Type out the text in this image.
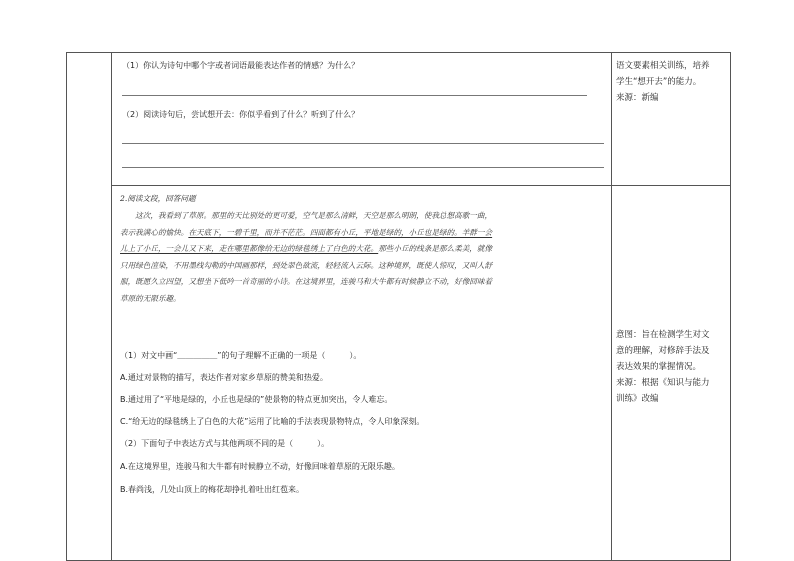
（1）你认为诗句中哪个字或者词语最能表达作者的情感？为什么？
（2）阅读诗句后，尝试想开去：你似乎看到了什么？听到了什么？
语文要素相关训练，培养
学生“想开去”的能力。
来源：新编
2.阅读文段，回答问题

　　这次，我看到了草原。那里的天比别处的更可爱，空气是那么清鲜，天空是那么明朗，使我总想高歌一曲，

表示我满心的愉快。在天底下，一碧千里，而并不茫茫。四面都有小丘，平地是绿的，小丘也是绿的。羊群一会

儿上了小丘，一会儿又下来，走在哪里都像给无边的绿毯绣上了白色的大花。那些小丘的线条是那么柔美，就像

只用绿色渲染，不用墨线勾勒的中国画那样，到处翠色欲流，轻轻流入云际。这种境界，既使人惊叹，又叫人舒

服，既愿久立四望，又想坐下低吟一首奇丽的小诗。在这境界里，连骏马和大牛都有时候静立不动，好像回味着

草原的无限乐趣。

（1）对文中画“＿＿＿＿＿”的句子理解不正确的一项是（　　　）。
A.通过对景物的描写，表达作者对家乡草原的赞美和热爱。
B.通过用了“平地是绿的，小丘也是绿的”使景物的特点更加突出，令人难忘。
C.“给无边的绿毯绣上了白色的大花”运用了比喻的手法表现景物特点，令人印象深刻。
（2）下面句子中表达方式与其他两项不同的是（　　　）。
A.在这境界里，连骏马和大牛都有时候静立不动，好像回味着草原的无限乐趣。
B.春尚浅，几处山顶上的梅花却挣扎着吐出红苞来。
意图：旨在检测学生对文
意的理解，对修辞手法及
表达效果的掌握情况。
来源：根据《知识与能力
训练》改编
